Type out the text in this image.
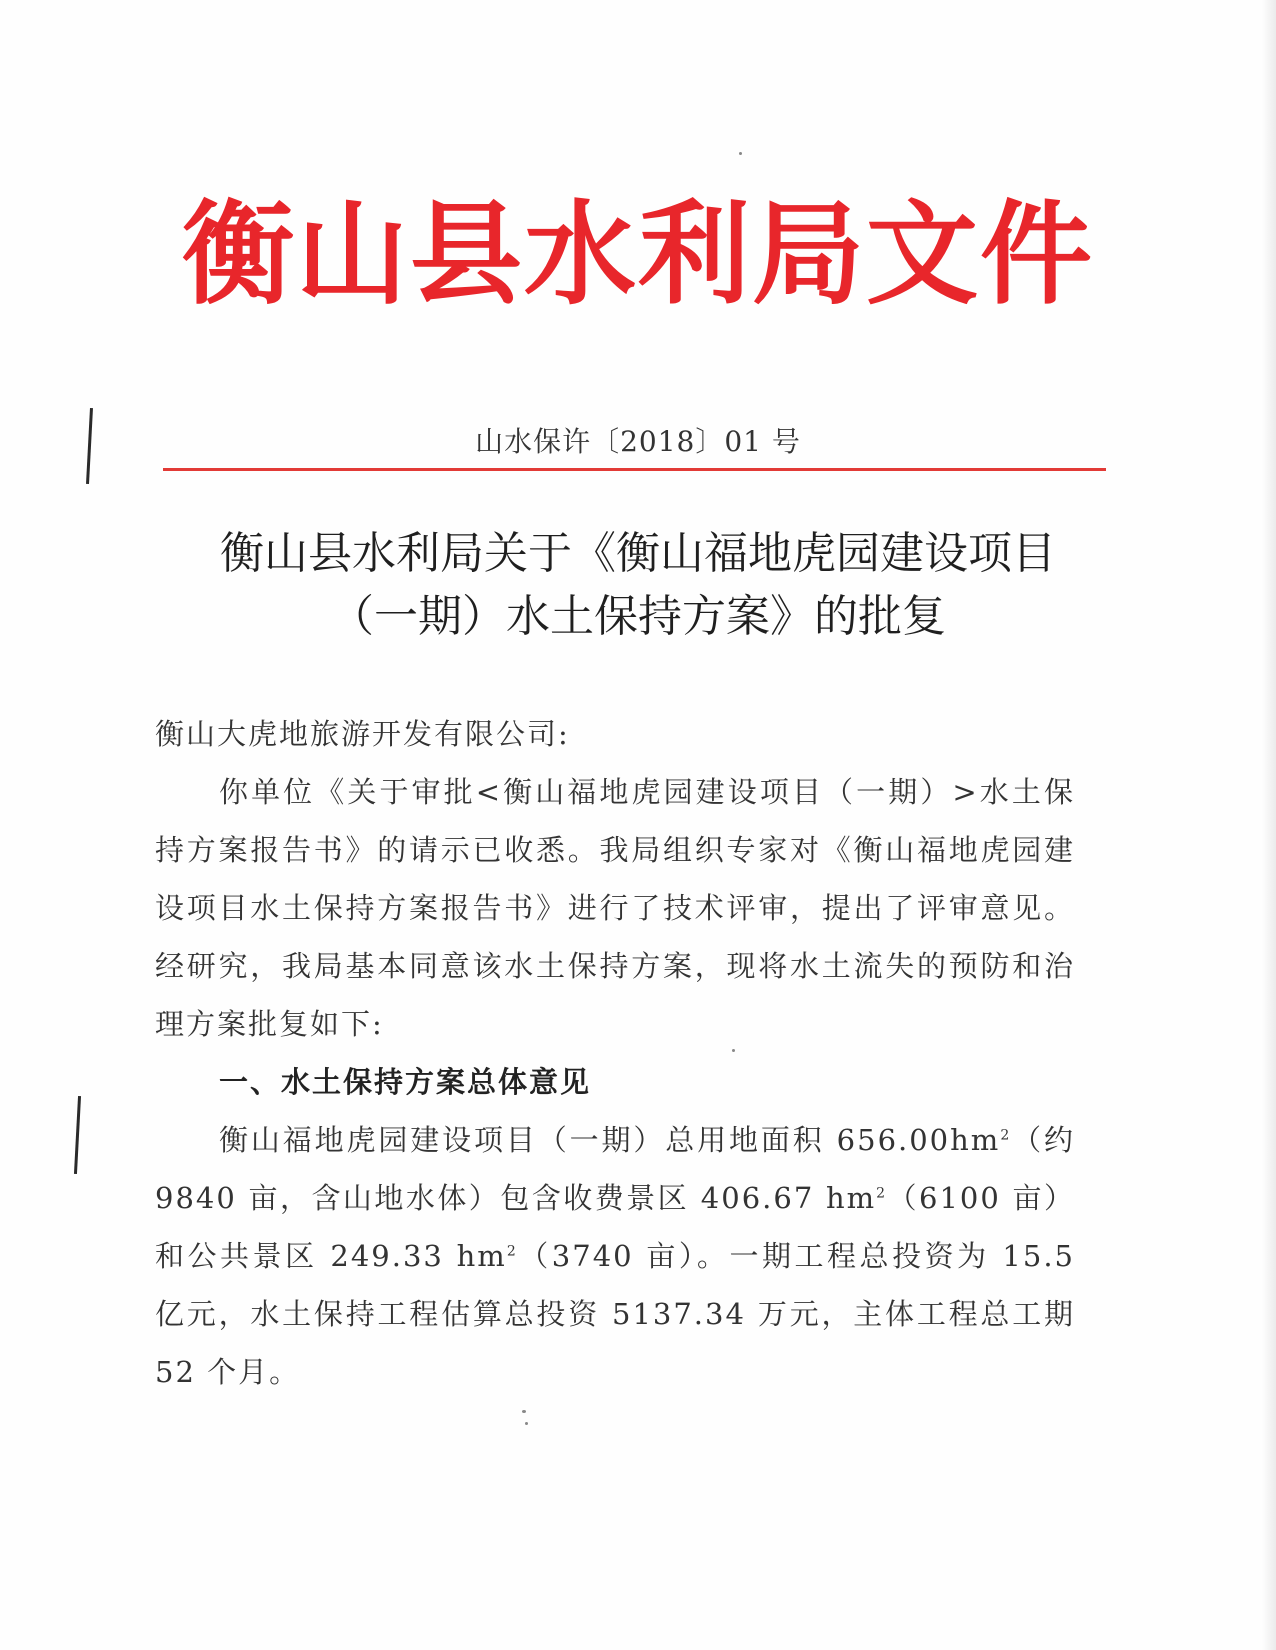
衡山县水利局文件
山水保许〔2018〕01 号
衡山县水利局关于《衡山福地虎园建设项目
（一期）水土保持方案》的批复
衡山大虎地旅游开发有限公司:
你单位《关于审批<衡山福地虎园建设项目（一期）>水土保持方案报告书》的请示已收悉。我局组织专家对《衡山福地虎园建设项目水土保持方案报告书》进行了技术评审，提出了评审意见。经研究，我局基本同意该水土保持方案，现将水土流失的预防和治理方案批复如下:
一、水土保持方案总体意见
衡山福地虎园建设项目（一期）总用地面积 $656.00hm^2$（约 9840 亩，含山地水体）包含收费景区 406.67 $hm^2(6100$ 亩）和公共景区 249.33 $hm^2(3740$ 亩）。一期工程总投资为 15.5 亿元，水土保持工程估算总投资 5137.34 万元，主体工程总工期 52 个月。
